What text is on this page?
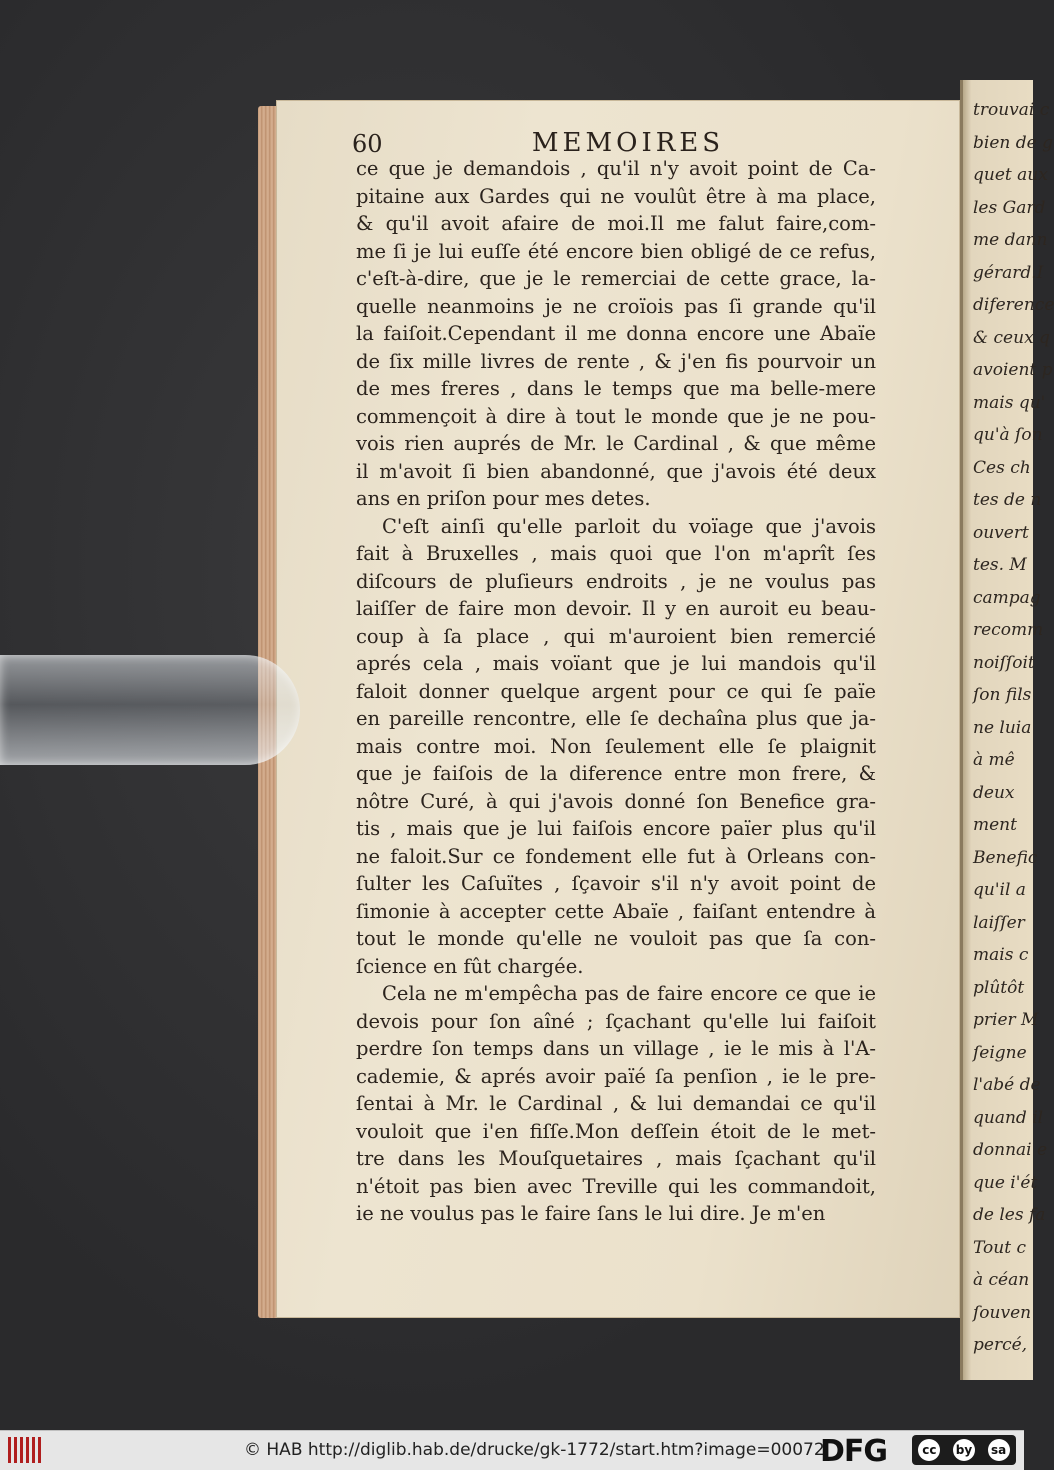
trouvai c
bien de g
quet aux
les Gard
me dann
gérard.I
diference
& ceux q
avoient p
mais qu'
qu'à ſon
Ces ch
tes de n
ouvert
tes. M
campag
recomm
noiſſoit
ſon fils
ne luia
à mê
deux
ment
Benefic
qu'il a
laiſſer
mais c
plûtôt
prier M
ſeigne
l'abé de
quand il
donnai e
que i'ét
de les fa
Tout c
à céan
ſouven
percé,
60	MEMOIRES
ce que je demandois , qu'il n'y avoit point de Ca-
pitaine aux Gardes qui ne voulût être à ma place,
& qu'il avoit afaire de moi.Il me falut faire,com-
me ſi je lui euſſe été encore bien obligé de ce refus,
c'eſt-à-dire, que je le remerciai de cette grace, la-
quelle neanmoins je ne croïois pas ſi grande qu'il
la faiſoit.Cependant il me donna encore une Abaïe
de ſix mille livres de rente , & j'en fis pourvoir un
de mes freres , dans le temps que ma belle-mere
commençoit à dire à tout le monde que je ne pou-
vois rien auprés de Mr. le Cardinal , & que même
il m'avoit ſi bien abandonné, que j'avois été deux
ans en priſon pour mes detes.
C'eſt ainſi qu'elle parloit du voïage que j'avois
fait à Bruxelles , mais quoi que l'on m'aprît ſes
diſcours de pluſieurs endroits , je ne voulus pas
laiſſer de faire mon devoir. Il y en auroit eu beau-
coup à ſa place , qui m'auroient bien remercié
aprés cela , mais voïant que je lui mandois qu'il
faloit donner quelque argent pour ce qui ſe païe
en pareille rencontre, elle ſe dechaîna plus que ja-
mais contre moi. Non ſeulement elle ſe plaignit
que je faiſois de la diference entre mon frere, &
nôtre Curé, à qui j'avois donné ſon Benefice gra-
tis , mais que je lui faiſois encore païer plus qu'il
ne faloit.Sur ce fondement elle fut à Orleans con-
ſulter les Caſuïtes , ſçavoir s'il n'y avoit point de
ſimonie à accepter cette Abaïe , faiſant entendre à
tout le monde qu'elle ne vouloit pas que ſa con-
ſcience en fût chargée.
Cela ne m'empêcha pas de faire encore ce que ie
devois pour ſon aîné ; ſçachant qu'elle lui faiſoit
perdre ſon temps dans un village , ie le mis à l'A-
cademie, & aprés avoir païé ſa penſion , ie le pre-
ſentai à Mr. le Cardinal , & lui demandai ce qu'il
vouloit que i'en fiſſe.Mon deſſein étoit de le met-
tre dans les Mouſquetaires , mais ſçachant qu'il
n'étoit pas bien avec Treville qui les commandoit,
ie ne voulus pas le faire ſans le lui dire. Je m'en
© HAB http://diglib.hab.de/drucke/gk-1772/start.htm?image=00072
DFG	cc	by sa
